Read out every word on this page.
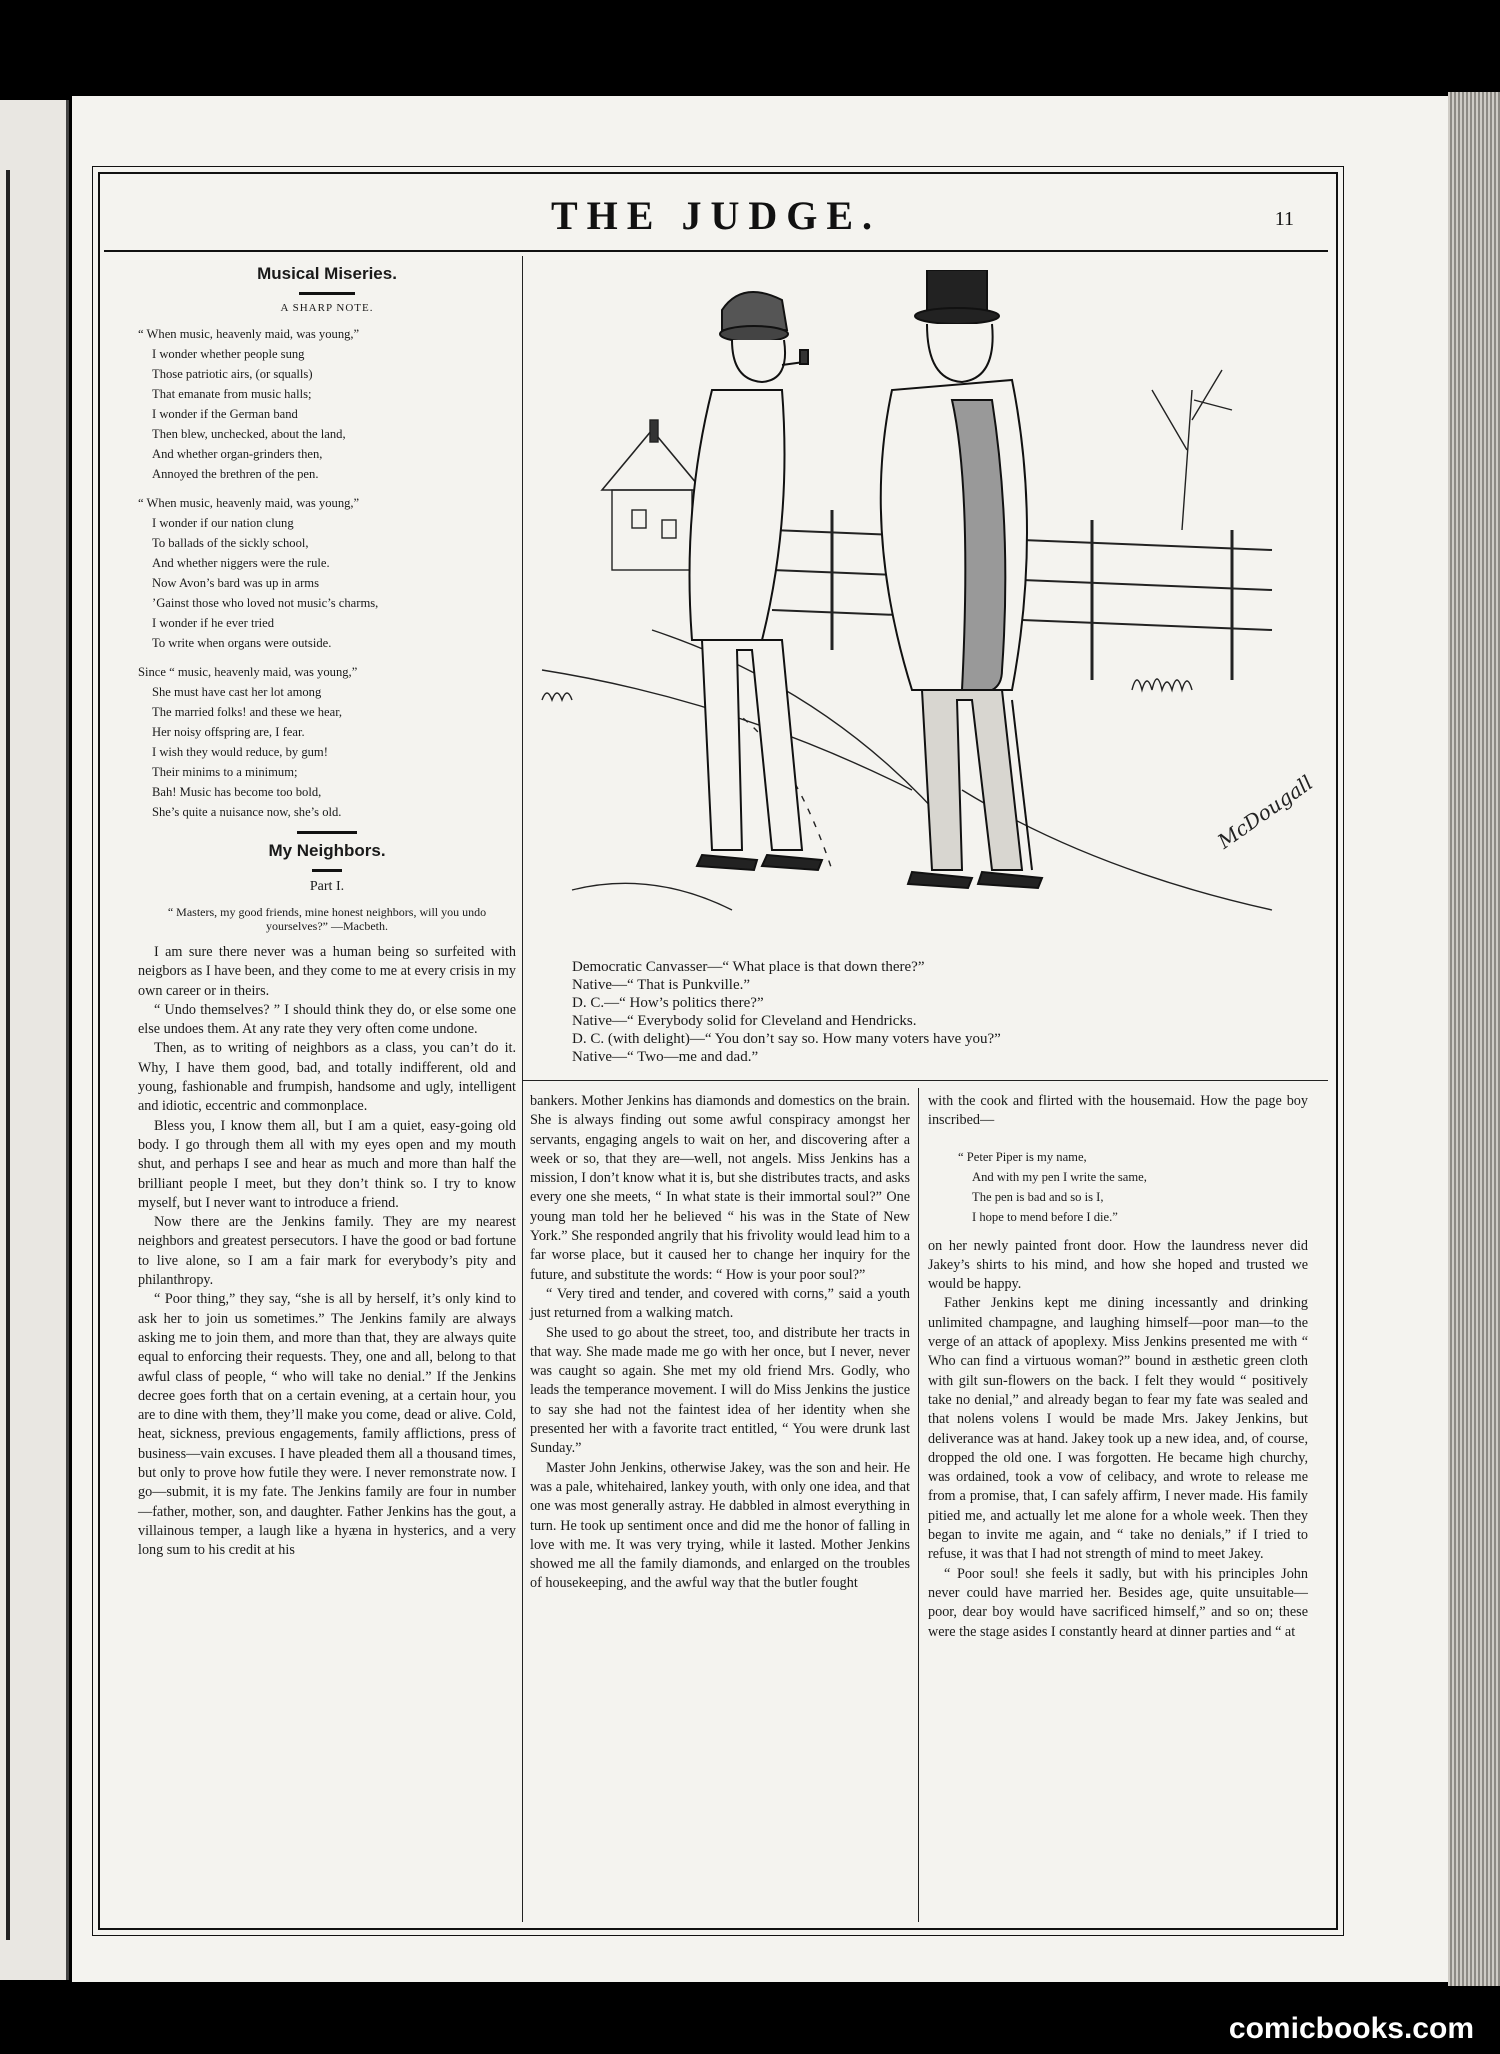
THE JUDGE.	11
Musical Miseries.
A SHARP NOTE.
“ When music, heavenly maid, was young,”
I wonder whether people sung
Those patriotic airs, (or squalls)
That emanate from music halls;
I wonder if the German band
Then blew, unchecked, about the land,
And whether organ-grinders then,
Annoyed the brethren of the pen.
“ When music, heavenly maid, was young,”
I wonder if our nation clung
To ballads of the sickly school,
And whether niggers were the rule.
Now Avon’s bard was up in arms
’Gainst those who loved not music’s charms,
I wonder if he ever tried
To write when organs were outside.
Since “ music, heavenly maid, was young,”
She must have cast her lot among
The married folks! and these we hear,
Her noisy offspring are, I fear.
I wish they would reduce, by gum!
Their minims to a minimum;
Bah! Music has become too bold,
She’s quite a nuisance now, she’s old.
My Neighbors.
Part I.
“ Masters, my good friends, mine honest neighbors, will you undo yourselves?” —Macbeth.

I am sure there never was a human being so surfeited with neigbors as I have been, and they come to me at every crisis in my own career or in theirs.

“ Undo themselves? ” I should think they do, or else some one else undoes them. At any rate they very often come undone.

Then, as to writing of neighbors as a class, you can’t do it. Why, I have them good, bad, and totally indifferent, old and young, fashionable and frumpish, handsome and ugly, intelligent and idiotic, eccentric and commonplace.

Bless you, I know them all, but I am a quiet, easy-going old body. I go through them all with my eyes open and my mouth shut, and perhaps I see and hear as much and more than half the brilliant people I meet, but they don’t think so. I try to know myself, but I never want to introduce a friend.

Now there are the Jenkins family. They are my nearest neighbors and greatest persecutors. I have the good or bad fortune to live alone, so I am a fair mark for everybody’s pity and philanthropy.

“ Poor thing,” they say, “she is all by herself, it’s only kind to ask her to join us sometimes.” The Jenkins family are always asking me to join them, and more than that, they are always quite equal to enforcing their requests. They, one and all, belong to that awful class of people, “ who will take no denial.” If the Jenkins decree goes forth that on a certain evening, at a certain hour, you are to dine with them, they’ll make you come, dead or alive. Cold, heat, sickness, previous engagements, family afflictions, press of business—vain excuses. I have pleaded them all a thousand times, but only to prove how futile they were. I never remonstrate now. I go—submit, it is my fate. The Jenkins family are four in number—father, mother, son, and daughter. Father Jenkins has the gout, a villainous temper, a laugh like a hyæna in hysterics, and a very long sum to his credit at his

McDougall
Democratic Canvasser—“ What place is that down there?”
Native—“ That is Punkville.”
D. C.—“ How’s politics there?”
Native—“ Everybody solid for Cleveland and Hendricks.
D. C. (with delight)—“ You don’t say so. How many voters have you?”
Native—“ Two—me and dad.”

bankers. Mother Jenkins has diamonds and domestics on the brain. She is always finding out some awful conspiracy amongst her servants, engaging angels to wait on her, and discovering after a week or so, that they are—well, not angels. Miss Jenkins has a mission, I don’t know what it is, but she distributes tracts, and asks every one she meets, “ In what state is their immortal soul?” One young man told her he believed “ his was in the State of New York.” She responded angrily that his frivolity would lead him to a far worse place, but it caused her to change her inquiry for the future, and substitute the words: “ How is your poor soul?”

“ Very tired and tender, and covered with corns,” said a youth just returned from a walking match.

She used to go about the street, too, and distribute her tracts in that way. She made made me go with her once, but I never, never was caught so again. She met my old friend Mrs. Godly, who leads the temperance movement. I will do Miss Jenkins the justice to say she had not the faintest idea of her identity when she presented her with a favorite tract entitled, “ You were drunk last Sunday.”

Master John Jenkins, otherwise Jakey, was the son and heir. He was a pale, whitehaired, lankey youth, with only one idea, and that one was most generally astray. He dabbled in almost everything in turn. He took up sentiment once and did me the honor of falling in love with me. It was very trying, while it lasted. Mother Jenkins showed me all the family diamonds, and enlarged on the troubles of housekeeping, and the awful way that the butler fought

with the cook and flirted with the housemaid. How the page boy inscribed—

“ Peter Piper is my name,
And with my pen I write the same,
The pen is bad and so is I,
I hope to mend before I die.”

on her newly painted front door. How the laundress never did Jakey’s shirts to his mind, and how she hoped and trusted we would be happy.

Father Jenkins kept me dining incessantly and drinking unlimited champagne, and laughing himself—poor man—to the verge of an attack of apoplexy. Miss Jenkins presented me with “ Who can find a virtuous woman?” bound in æsthetic green cloth with gilt sun-flowers on the back. I felt they would “ positively take no denial,” and already began to fear my fate was sealed and that nolens volens I would be made Mrs. Jakey Jenkins, but deliverance was at hand. Jakey took up a new idea, and, of course, dropped the old one. I was forgotten. He became high churchy, was ordained, took a vow of celibacy, and wrote to release me from a promise, that, I can safely affirm, I never made. His family pitied me, and actually let me alone for a whole week. Then they began to invite me again, and “ take no denials,” if I tried to refuse, it was that I had not strength of mind to meet Jakey.

“ Poor soul! she feels it sadly, but with his principles John never could have married her. Besides age, quite unsuitable—poor, dear boy would have sacrificed himself,” and so on; these were the stage asides I constantly heard at dinner parties and “ at

comicbooks.com
